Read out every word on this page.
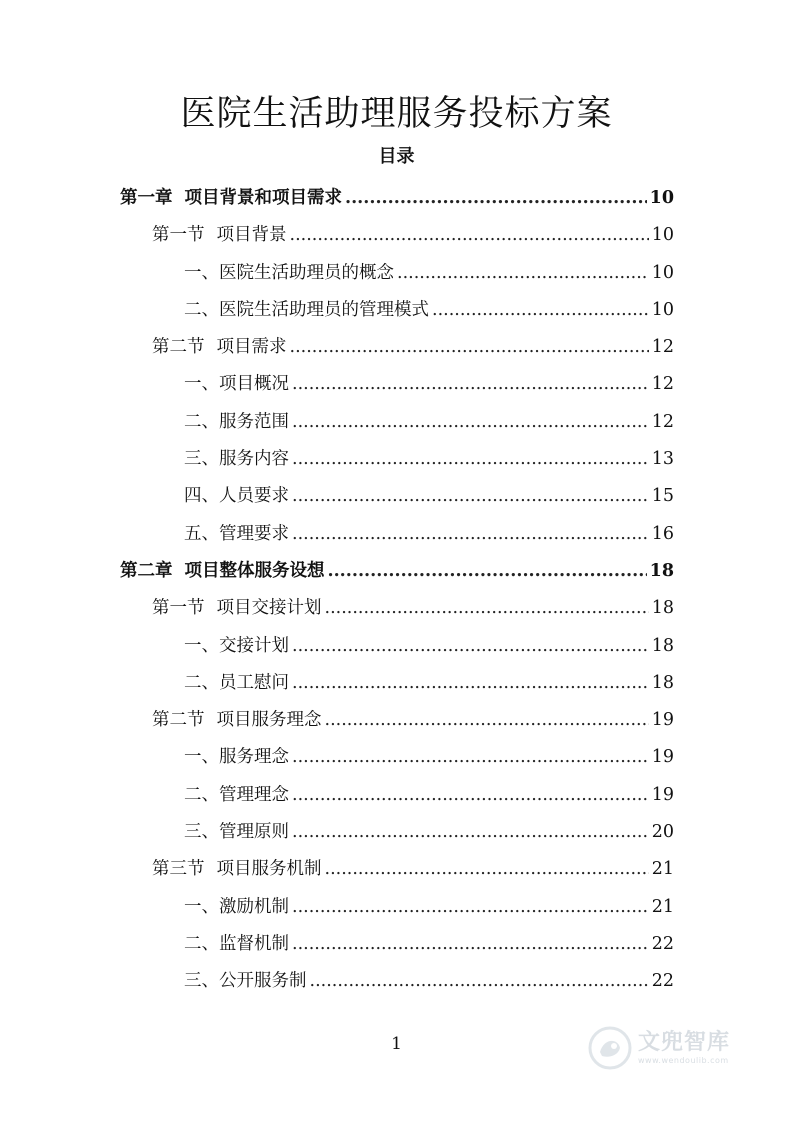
医院生活助理服务投标方案
目录
第一章 项目背景和项目需求 .....	10
第一节 项目背景 .....	10
一、 医院生活助理员的概念 .....	10
二、 医院生活助理员的管理模式 .....	10
第二节 项目需求 .....	12
一、 项目概况 .....	12
二、 服务范围 .....	12
三、 服务内容 .....	13
四、 人员要求 .....	15
五、 管理要求 .....	16
第二章 项目整体服务设想 .....	18
第一节 项目交接计划 .....	18
一、 交接计划 .....	18
二、 员工慰问 .....	18
第二节 项目服务理念 .....	19
一、 服务理念 .....	19
二、 管理理念 .....	19
三、 管理原则 .....	20
第三节 项目服务机制 .....	21
一、 激励机制 .....	21
二、 监督机制 .....	22
三、 公开服务制 .....	22
1	文兜智库
www.wendoulib.com
